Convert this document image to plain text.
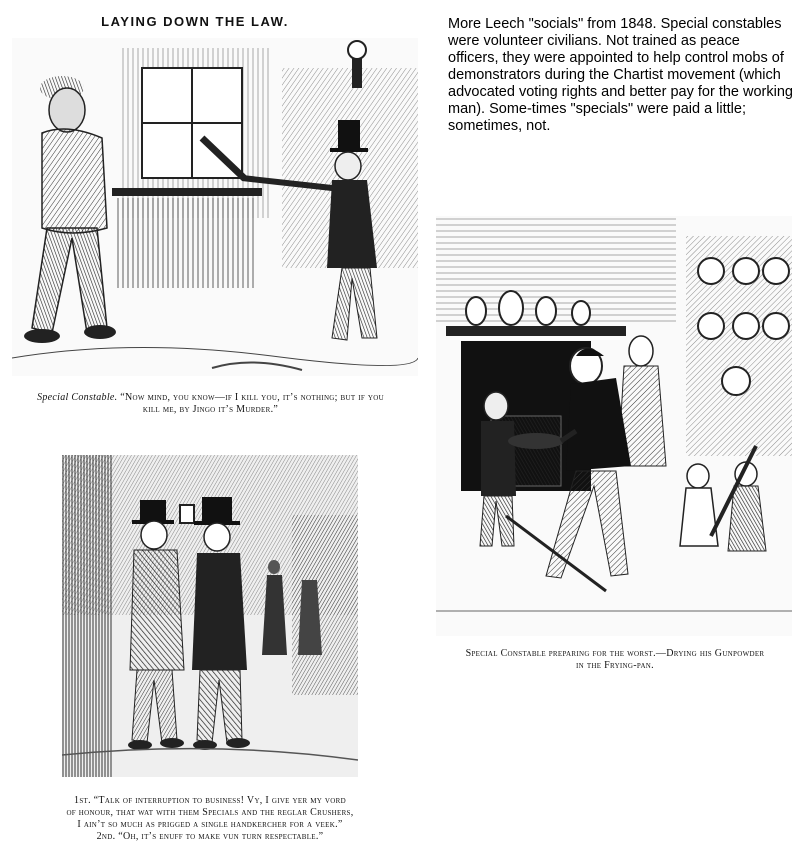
LAYING DOWN THE LAW.
Special Constable. “Now mind, you know—if I kill you, it’s nothing; but if you
kill me, by Jingo it’s Murder.”
More Leech "socials" from 1848. Special constables were volunteer civilians. Not trained as peace officers, they were appointed to help control mobs of demonstrators during the Chartist movement (which advocated voting rights and better pay for the working man). Some-times "specials" were paid a little; sometimes, not.
Special Constable preparing for the worst.—Drying his Gunpowder
in the Frying-pan.
1st. “Talk of interruption to business! Vy, I give yer my vord
of honour, that wat with them Specials and the reglar Crushers,
I ain’t so much as prigged a single handkercher for a veek.”
2nd. “Oh, it’s enuff to make vun turn respectable.”
